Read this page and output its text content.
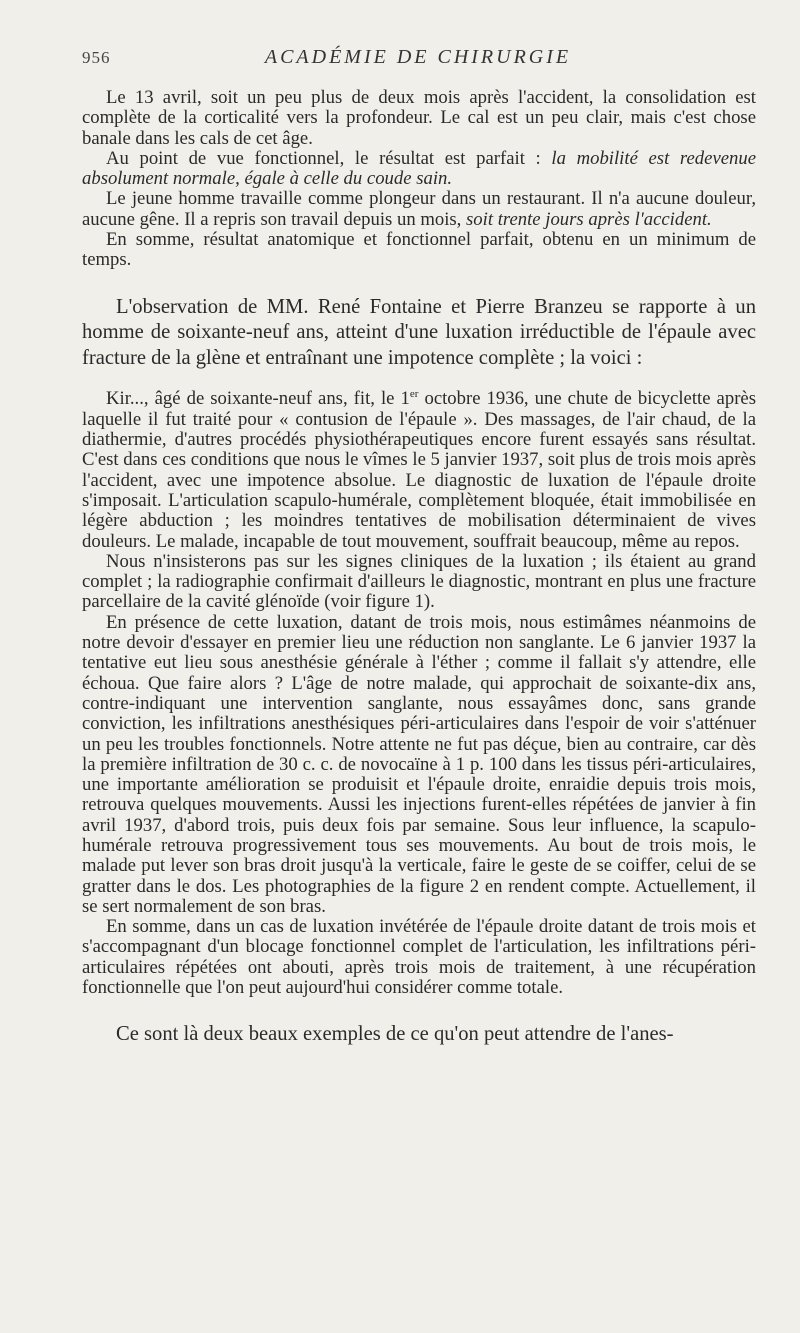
956	ACADÉMIE DE CHIRURGIE

Le 13 avril, soit un peu plus de deux mois après l'accident, la consolidation est complète de la corticalité vers la profondeur. Le cal est un peu clair, mais c'est chose banale dans les cals de cet âge.

Au point de vue fonctionnel, le résultat est parfait : la mobilité est redevenue absolument normale, égale à celle du coude sain.

Le jeune homme travaille comme plongeur dans un restaurant. Il n'a aucune douleur, aucune gêne. Il a repris son travail depuis un mois, soit trente jours après l'accident.

En somme, résultat anatomique et fonctionnel parfait, obtenu en un minimum de temps.

L'observation de MM. René Fontaine et Pierre Branzeu se rapporte à un homme de soixante-neuf ans, atteint d'une luxation irréductible de l'épaule avec fracture de la glène et entraînant une impotence complète ; la voici :

Kir..., âgé de soixante-neuf ans, fit, le 1er octobre 1936, une chute de bicyclette après laquelle il fut traité pour « contusion de l'épaule ». Des massages, de l'air chaud, de la diathermie, d'autres procédés physiothérapeutiques encore furent essayés sans résultat. C'est dans ces conditions que nous le vîmes le 5 janvier 1937, soit plus de trois mois après l'accident, avec une impotence absolue. Le diagnostic de luxation de l'épaule droite s'imposait. L'articulation scapulo-humérale, complètement bloquée, était immobilisée en légère abduction ; les moindres tentatives de mobilisation déterminaient de vives douleurs. Le malade, incapable de tout mouvement, souffrait beaucoup, même au repos.

Nous n'insisterons pas sur les signes cliniques de la luxation ; ils étaient au grand complet ; la radiographie confirmait d'ailleurs le diagnostic, montrant en plus une fracture parcellaire de la cavité glénoïde (voir figure 1).

En présence de cette luxation, datant de trois mois, nous estimâmes néanmoins de notre devoir d'essayer en premier lieu une réduction non sanglante. Le 6 janvier 1937 la tentative eut lieu sous anesthésie générale à l'éther ; comme il fallait s'y attendre, elle échoua. Que faire alors ? L'âge de notre malade, qui approchait de soixante-dix ans, contre-indiquant une intervention sanglante, nous essayâmes donc, sans grande conviction, les infiltrations anesthésiques péri-articulaires dans l'espoir de voir s'atténuer un peu les troubles fonctionnels. Notre attente ne fut pas déçue, bien au contraire, car dès la première infiltration de 30 c. c. de novocaïne à 1 p. 100 dans les tissus péri-articulaires, une importante amélioration se produisit et l'épaule droite, enraidie depuis trois mois, retrouva quelques mouvements. Aussi les injections furent-elles répétées de janvier à fin avril 1937, d'abord trois, puis deux fois par semaine. Sous leur influence, la scapulo-humérale retrouva progressivement tous ses mouvements. Au bout de trois mois, le malade put lever son bras droit jusqu'à la verticale, faire le geste de se coiffer, celui de se gratter dans le dos. Les photographies de la figure 2 en rendent compte. Actuellement, il se sert normalement de son bras.

En somme, dans un cas de luxation invétérée de l'épaule droite datant de trois mois et s'accompagnant d'un blocage fonctionnel complet de l'articulation, les infiltrations péri-articulaires répétées ont abouti, après trois mois de traitement, à une récupération fonctionnelle que l'on peut aujourd'hui considérer comme totale.

Ce sont là deux beaux exemples de ce qu'on peut attendre de l'anes-
